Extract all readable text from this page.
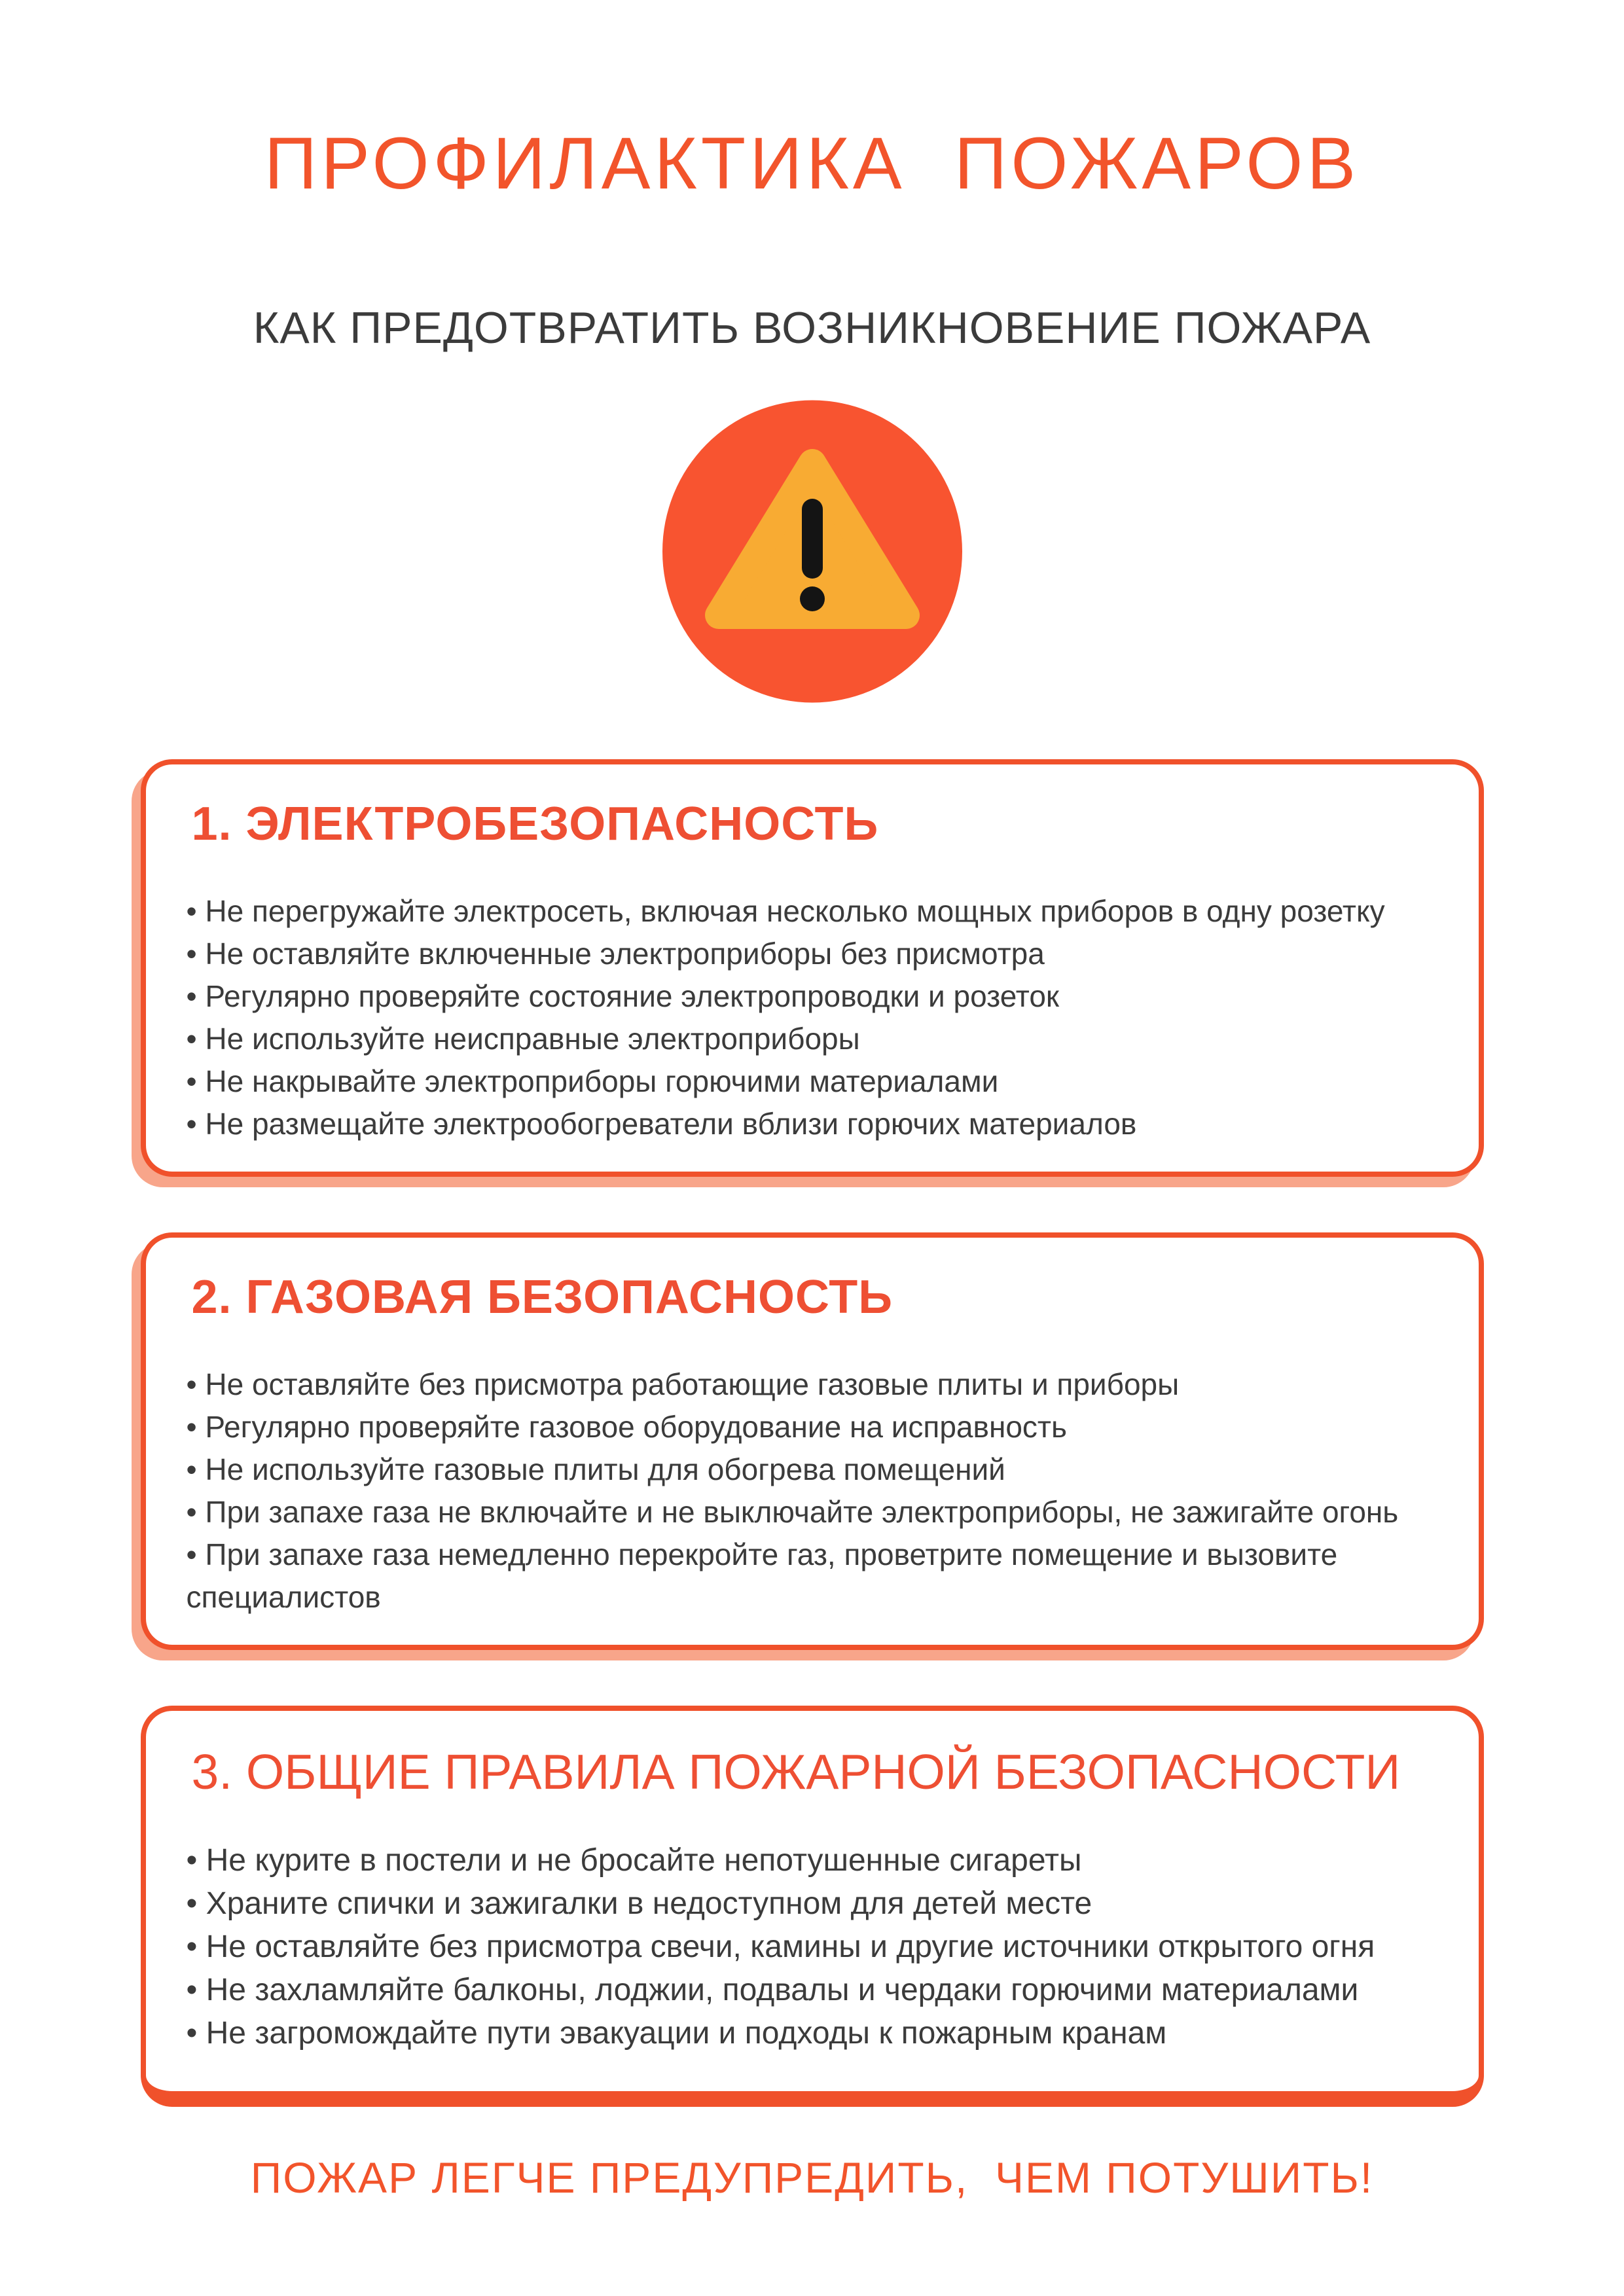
ПРОФИЛАКТИКА  ПОЖАРОВ
КАК ПРЕДОТВРАТИТЬ ВОЗНИКНОВЕНИЕ ПОЖАРА
1. ЭЛЕКТРОБЕЗОПАСНОСТЬ

• Не перегружайте электросеть, включая несколько мощных приборов в одну розетку

• Не оставляйте включенные электроприборы без присмотра

• Регулярно проверяйте состояние электропроводки и розеток

• Не используйте неисправные электроприборы

• Не накрывайте электроприборы горючими материалами

• Не размещайте электрообогреватели вблизи горючих материалов

2. ГАЗОВАЯ БЕЗОПАСНОСТЬ

• Не оставляйте без присмотра работающие газовые плиты и приборы

• Регулярно проверяйте газовое оборудование на исправность

• Не используйте газовые плиты для обогрева помещений

• При запахе газа не включайте и не выключайте электроприборы, не зажигайте огонь

• При запахе газа немедленно перекройте газ, проветрите помещение и вызовите специалистов

3. ОБЩИЕ ПРАВИЛА ПОЖАРНОЙ БЕЗОПАСНОСТИ

• Не курите в постели и не бросайте непотушенные сигареты

• Храните спички и зажигалки в недоступном для детей месте

• Не оставляйте без присмотра свечи, камины и другие источники открытого огня

• Не захламляйте балконы, лоджии, подвалы и чердаки горючими материалами

• Не загромождайте пути эвакуации и подходы к пожарным кранам

ПОЖАР ЛЕГЧЕ ПРЕДУПРЕДИТЬ,  ЧЕМ ПОТУШИТЬ!
